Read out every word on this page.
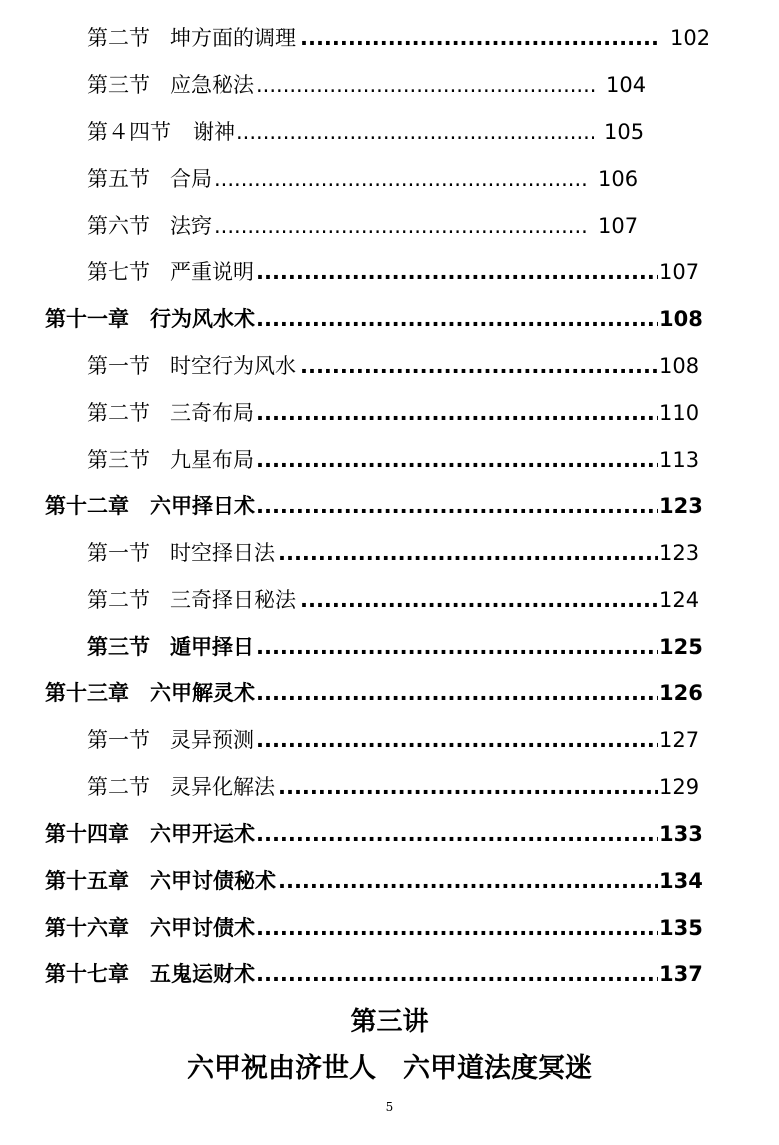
第二节 坤方面的调理 .....	102
第三节 应急秘法 .....	104
第４四节 谢神 .....	105
第五节 合局 .....	106
第六节 法窍 .....	107
第七节 严重说明 .....	107
第十一章 行为风水术 .....	108
第一节 时空行为风水 .....	108
第二节 三奇布局 .....	110
第三节 九星布局 .....	113
第十二章 六甲择日术 .....	123
第一节 时空择日法 .....	123
第二节 三奇择日秘法 .....	124
第三节 遁甲择日 .....	125
第十三章 六甲解灵术 .....	126
第一节 灵异预测 .....	127
第二节 灵异化解法 .....	129
第十四章 六甲开运术 .....	133
第十五章 六甲讨债秘术 .....	134
第十六章 六甲讨债术 .....	135
第十七章 五鬼运财术 .....	137
第三讲
六甲祝由济世人　六甲道法度冥迷
5
